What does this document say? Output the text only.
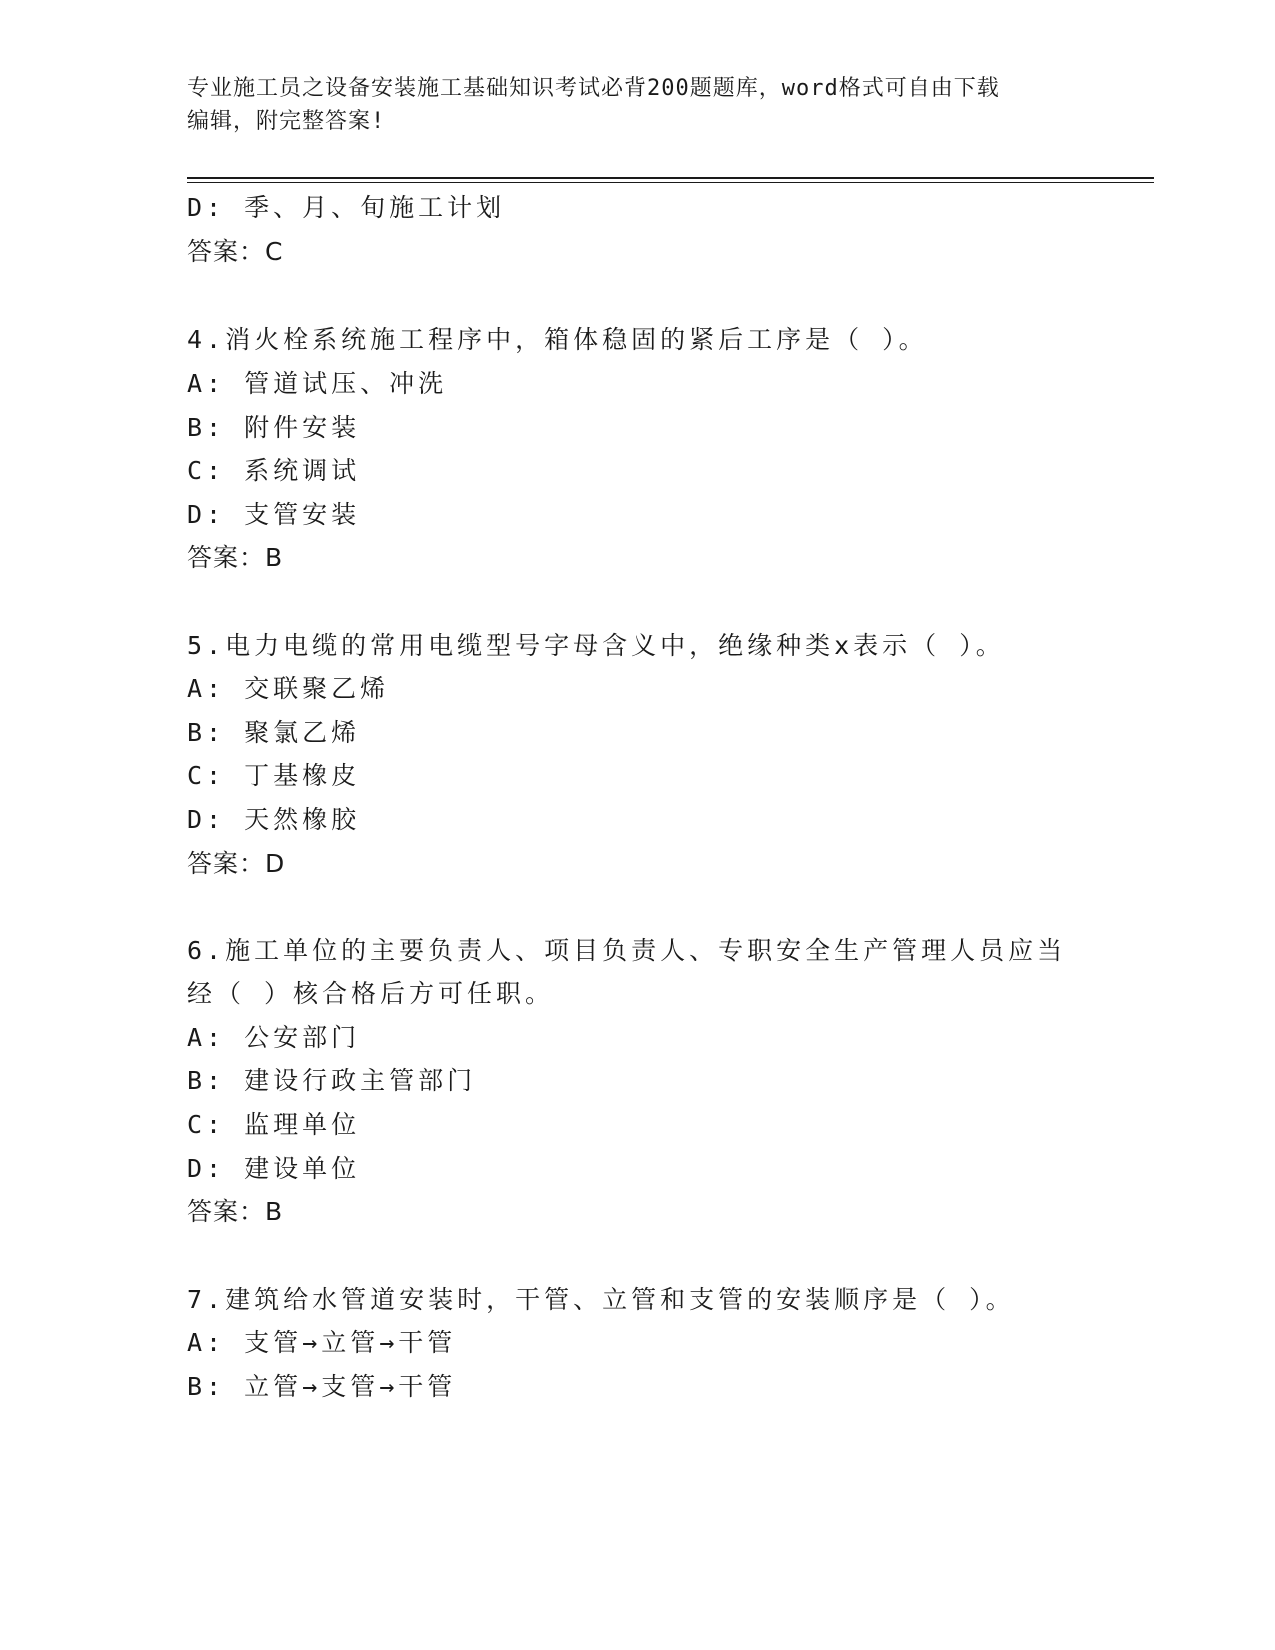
专业施工员之设备安装施工基础知识考试必背200题题库，word格式可自由下载
编辑，附完整答案!
D: 季、月、旬施工计划
答案：C
4.消火栓系统施工程序中，箱体稳固的紧后工序是（ ）。
A: 管道试压、冲洗
B: 附件安装
C: 系统调试
D: 支管安装
答案：B
5.电力电缆的常用电缆型号字母含义中，绝缘种类x表示（ ）。
A: 交联聚乙烯
B: 聚氯乙烯
C: 丁基橡皮
D: 天然橡胶
答案：D
6.施工单位的主要负责人、项目负责人、专职安全生产管理人员应当
经（ ）核合格后方可任职。
A: 公安部门
B: 建设行政主管部门
C: 监理单位
D: 建设单位
答案：B
7.建筑给水管道安装时，干管、立管和支管的安装顺序是（ ）。
A: 支管→立管→干管
B: 立管→支管→干管
